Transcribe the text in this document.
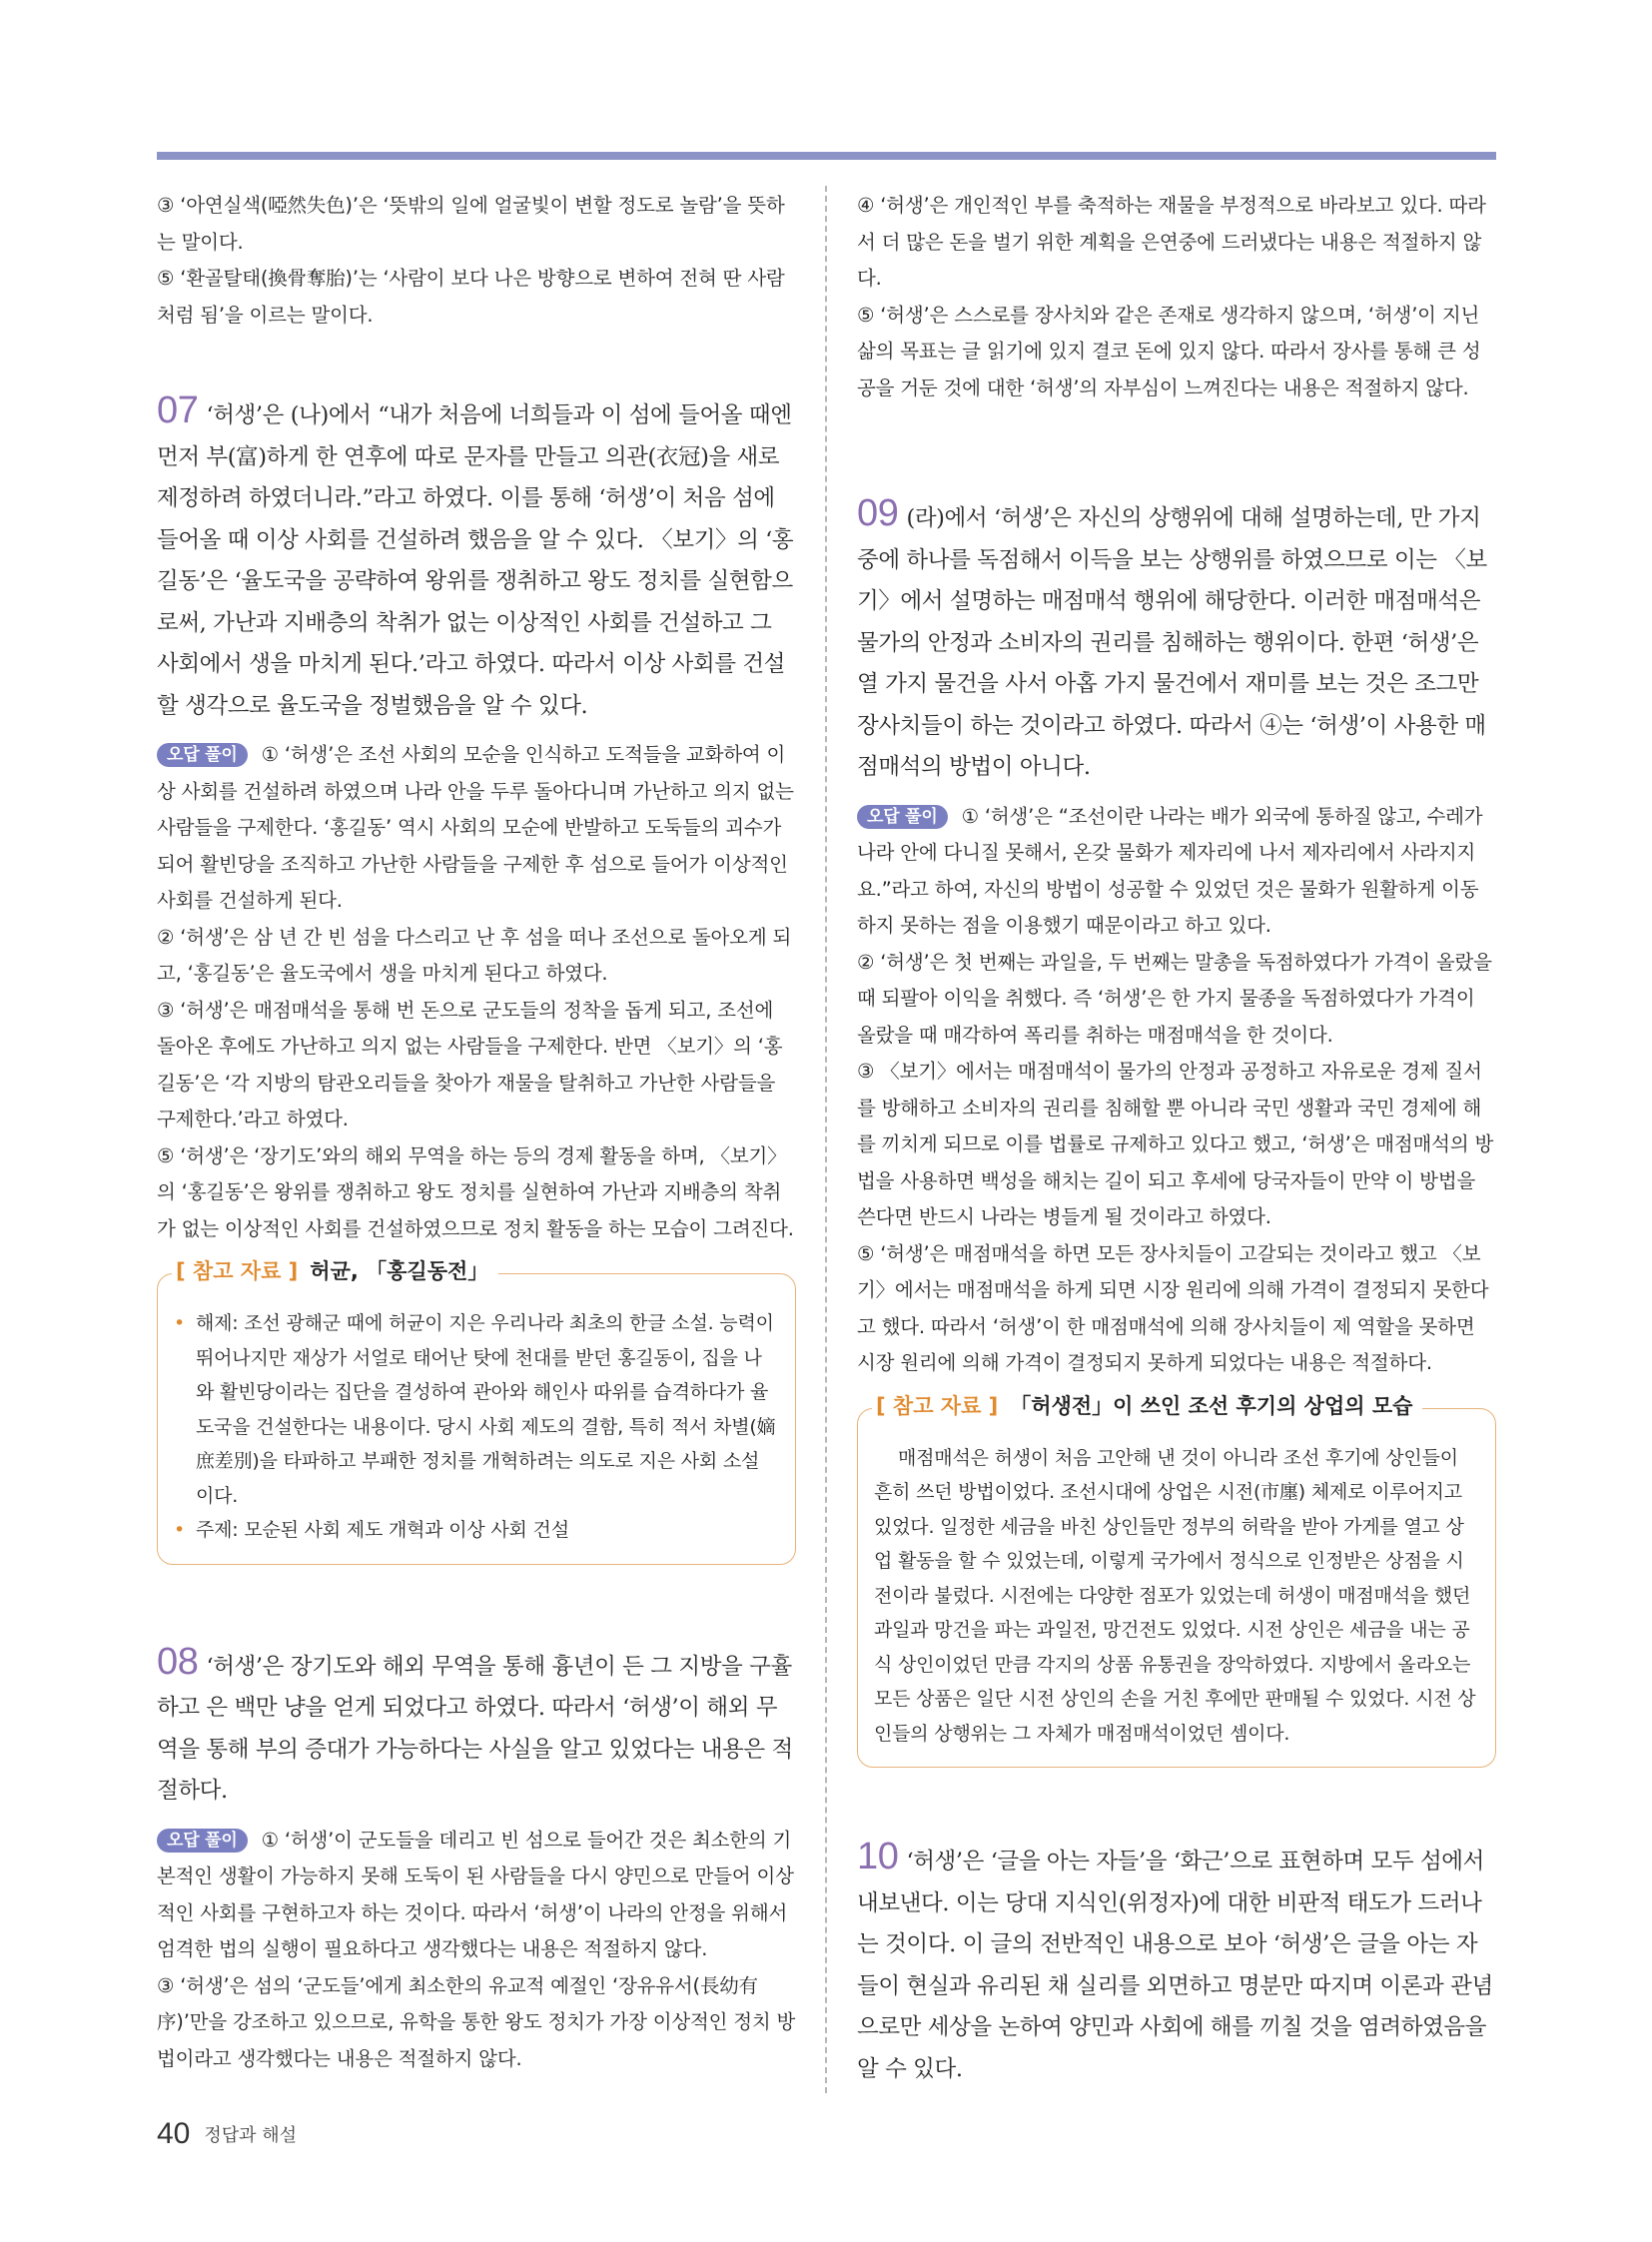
③ ‘아연실색(啞然失色)’은 ‘뜻밖의 일에 얼굴빛이 변할 정도로 놀람’을 뜻하는 말이다.

⑤ ‘환골탈태(換骨奪胎)’는 ‘사람이 보다 나은 방향으로 변하여 전혀 딴 사람처럼 됨’을 이르는 말이다.

07 ‘허생’은 (나)에서 “내가 처음에 너희들과 이 섬에 들어올 때엔 먼저 부(富)하게 한 연후에 따로 문자를 만들고 의관(衣冠)을 새로 제정하려 하였더니라.”라고 하였다. 이를 통해 ‘허생’이 처음 섬에 들어올 때 이상 사회를 건설하려 했음을 알 수 있다. 〈보기〉의 ‘홍길동’은 ‘율도국을 공략하여 왕위를 쟁취하고 왕도 정치를 실현함으로써, 가난과 지배층의 착취가 없는 이상적인 사회를 건설하고 그 사회에서 생을 마치게 된다.’라고 하였다. 따라서 이상 사회를 건설할 생각으로 율도국을 정벌했음을 알 수 있다.

오답 풀이 ① ‘허생’은 조선 사회의 모순을 인식하고 도적들을 교화하여 이상 사회를 건설하려 하였으며 나라 안을 두루 돌아다니며 가난하고 의지 없는 사람들을 구제한다. ‘홍길동’ 역시 사회의 모순에 반발하고 도둑들의 괴수가 되어 활빈당을 조직하고 가난한 사람들을 구제한 후 섬으로 들어가 이상적인 사회를 건설하게 된다.

② ‘허생’은 삼 년 간 빈 섬을 다스리고 난 후 섬을 떠나 조선으로 돌아오게 되고, ‘홍길동’은 율도국에서 생을 마치게 된다고 하였다.

③ ‘허생’은 매점매석을 통해 번 돈으로 군도들의 정착을 돕게 되고, 조선에 돌아온 후에도 가난하고 의지 없는 사람들을 구제한다. 반면 〈보기〉의 ‘홍길동’은 ‘각 지방의 탐관오리들을 찾아가 재물을 탈취하고 가난한 사람들을 구제한다.’라고 하였다.

⑤ ‘허생’은 ‘장기도’와의 해외 무역을 하는 등의 경제 활동을 하며, 〈보기〉의 ‘홍길동’은 왕위를 쟁취하고 왕도 정치를 실현하여 가난과 지배층의 착취가 없는 이상적인 사회를 건설하였으므로 정치 활동을 하는 모습이 그려진다.

[ 참고 자료 ] 허균, 「홍길동전」

• 해제: 조선 광해군 때에 허균이 지은 우리나라 최초의 한글 소설. 능력이 뛰어나지만 재상가 서얼로 태어난 탓에 천대를 받던 홍길동이, 집을 나와 활빈당이라는 집단을 결성하여 관아와 해인사 따위를 습격하다가 율도국을 건설한다는 내용이다. 당시 사회 제도의 결함, 특히 적서 차별(嫡庶差別)을 타파하고 부패한 정치를 개혁하려는 의도로 지은 사회 소설이다.

• 주제: 모순된 사회 제도 개혁과 이상 사회 건설

08 ‘허생’은 장기도와 해외 무역을 통해 흉년이 든 그 지방을 구휼하고 은 백만 냥을 얻게 되었다고 하였다. 따라서 ‘허생’이 해외 무역을 통해 부의 증대가 가능하다는 사실을 알고 있었다는 내용은 적절하다.

오답 풀이 ① ‘허생’이 군도들을 데리고 빈 섬으로 들어간 것은 최소한의 기본적인 생활이 가능하지 못해 도둑이 된 사람들을 다시 양민으로 만들어 이상적인 사회를 구현하고자 하는 것이다. 따라서 ‘허생’이 나라의 안정을 위해서 엄격한 법의 실행이 필요하다고 생각했다는 내용은 적절하지 않다.

③ ‘허생’은 섬의 ‘군도들’에게 최소한의 유교적 예절인 ‘장유유서(長幼有序)’만을 강조하고 있으므로, 유학을 통한 왕도 정치가 가장 이상적인 정치 방법이라고 생각했다는 내용은 적절하지 않다.

④ ‘허생’은 개인적인 부를 축적하는 재물을 부정적으로 바라보고 있다. 따라서 더 많은 돈을 벌기 위한 계획을 은연중에 드러냈다는 내용은 적절하지 않다.

⑤ ‘허생’은 스스로를 장사치와 같은 존재로 생각하지 않으며, ‘허생’이 지닌 삶의 목표는 글 읽기에 있지 결코 돈에 있지 않다. 따라서 장사를 통해 큰 성공을 거둔 것에 대한 ‘허생’의 자부심이 느껴진다는 내용은 적절하지 않다.

09 (라)에서 ‘허생’은 자신의 상행위에 대해 설명하는데, 만 가지 중에 하나를 독점해서 이득을 보는 상행위를 하였으므로 이는 〈보기〉에서 설명하는 매점매석 행위에 해당한다. 이러한 매점매석은 물가의 안정과 소비자의 권리를 침해하는 행위이다. 한편 ‘허생’은 열 가지 물건을 사서 아홉 가지 물건에서 재미를 보는 것은 조그만 장사치들이 하는 것이라고 하였다. 따라서 ④는 ‘허생’이 사용한 매점매석의 방법이 아니다.

오답 풀이 ① ‘허생’은 “조선이란 나라는 배가 외국에 통하질 않고, 수레가 나라 안에 다니질 못해서, 온갖 물화가 제자리에 나서 제자리에서 사라지지요.”라고 하여, 자신의 방법이 성공할 수 있었던 것은 물화가 원활하게 이동하지 못하는 점을 이용했기 때문이라고 하고 있다.

② ‘허생’은 첫 번째는 과일을, 두 번째는 말총을 독점하였다가 가격이 올랐을 때 되팔아 이익을 취했다. 즉 ‘허생’은 한 가지 물종을 독점하였다가 가격이 올랐을 때 매각하여 폭리를 취하는 매점매석을 한 것이다.

③ 〈보기〉에서는 매점매석이 물가의 안정과 공정하고 자유로운 경제 질서를 방해하고 소비자의 권리를 침해할 뿐 아니라 국민 생활과 국민 경제에 해를 끼치게 되므로 이를 법률로 규제하고 있다고 했고, ‘허생’은 매점매석의 방법을 사용하면 백성을 해치는 길이 되고 후세에 당국자들이 만약 이 방법을 쓴다면 반드시 나라는 병들게 될 것이라고 하였다.

⑤ ‘허생’은 매점매석을 하면 모든 장사치들이 고갈되는 것이라고 했고 〈보기〉에서는 매점매석을 하게 되면 시장 원리에 의해 가격이 결정되지 못한다고 했다. 따라서 ‘허생’이 한 매점매석에 의해 장사치들이 제 역할을 못하면 시장 원리에 의해 가격이 결정되지 못하게 되었다는 내용은 적절하다.

[ 참고 자료 ] 「허생전」이 쓰인 조선 후기의 상업의 모습

매점매석은 허생이 처음 고안해 낸 것이 아니라 조선 후기에 상인들이 흔히 쓰던 방법이었다. 조선시대에 상업은 시전(市廛) 체제로 이루어지고 있었다. 일정한 세금을 바친 상인들만 정부의 허락을 받아 가게를 열고 상업 활동을 할 수 있었는데, 이렇게 국가에서 정식으로 인정받은 상점을 시전이라 불렀다. 시전에는 다양한 점포가 있었는데 허생이 매점매석을 했던 과일과 망건을 파는 과일전, 망건전도 있었다. 시전 상인은 세금을 내는 공식 상인이었던 만큼 각지의 상품 유통권을 장악하였다. 지방에서 올라오는 모든 상품은 일단 시전 상인의 손을 거친 후에만 판매될 수 있었다. 시전 상인들의 상행위는 그 자체가 매점매석이었던 셈이다.

10 ‘허생’은 ‘글을 아는 자들’을 ‘화근’으로 표현하며 모두 섬에서 내보낸다. 이는 당대 지식인(위정자)에 대한 비판적 태도가 드러나는 것이다. 이 글의 전반적인 내용으로 보아 ‘허생’은 글을 아는 자들이 현실과 유리된 채 실리를 외면하고 명분만 따지며 이론과 관념으로만 세상을 논하여 양민과 사회에 해를 끼칠 것을 염려하였음을 알 수 있다.

40 정답과 해설
